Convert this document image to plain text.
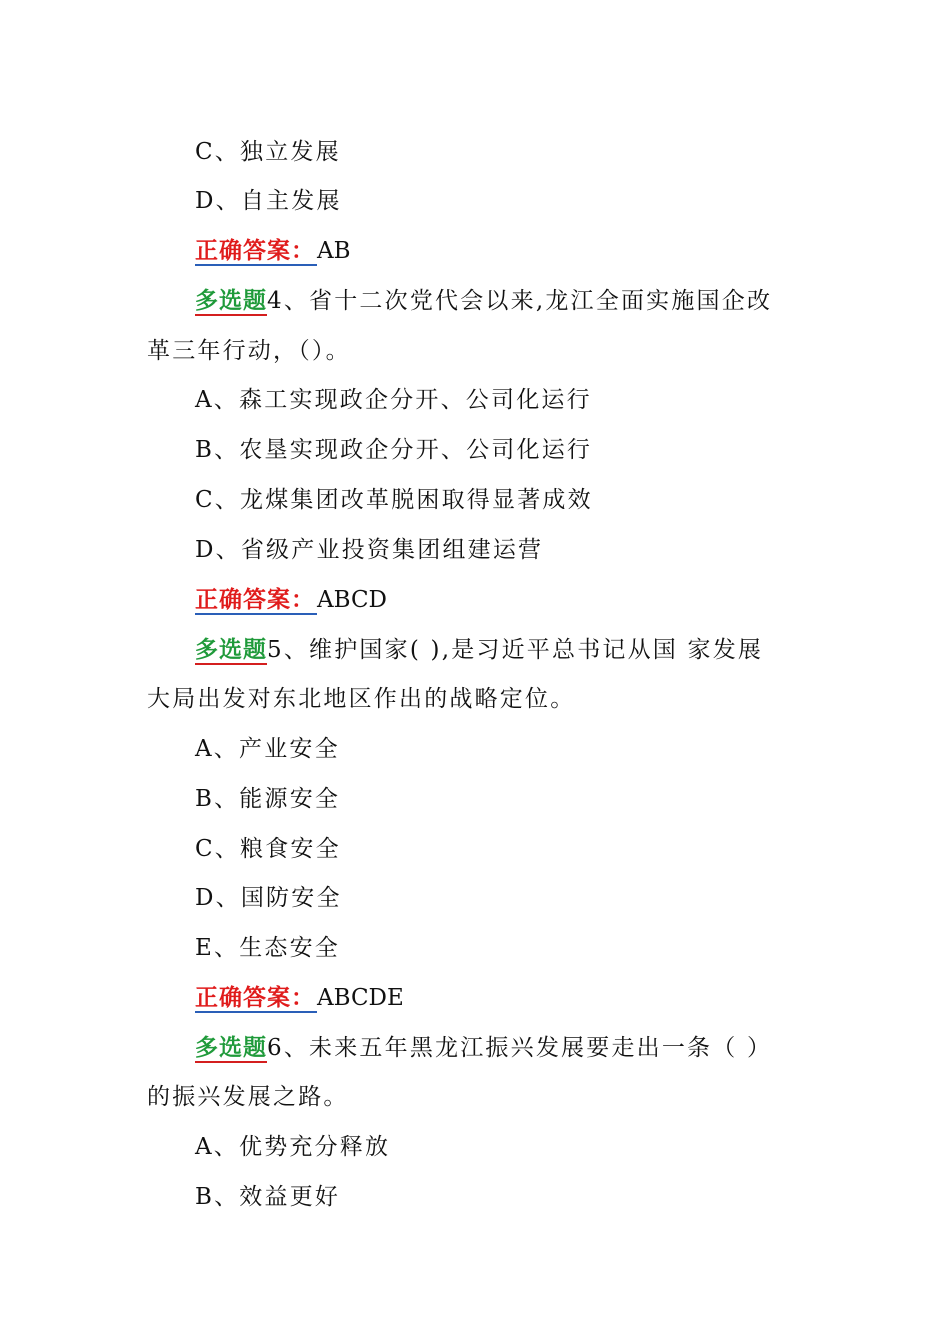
C、独立发展
D、自主发展
正确答案：AB
多选题4、省十二次党代会以来,龙江全面实施国企改
革三年行动，（）。
A、森工实现政企分开、公司化运行
B、农垦实现政企分开、公司化运行
C、龙煤集团改革脱困取得显著成效
D、省级产业投资集团组建运营
正确答案：ABCD
多选题5、维护国家( ),是习近平总书记从国 家发展
大局出发对东北地区作出的战略定位。
A、产业安全
B、能源安全
C、粮食安全
D、国防安全
E、生态安全
正确答案：ABCDE
多选题6、未来五年黑龙江振兴发展要走出一条（ ）
的振兴发展之路。
A、优势充分释放
B、效益更好
